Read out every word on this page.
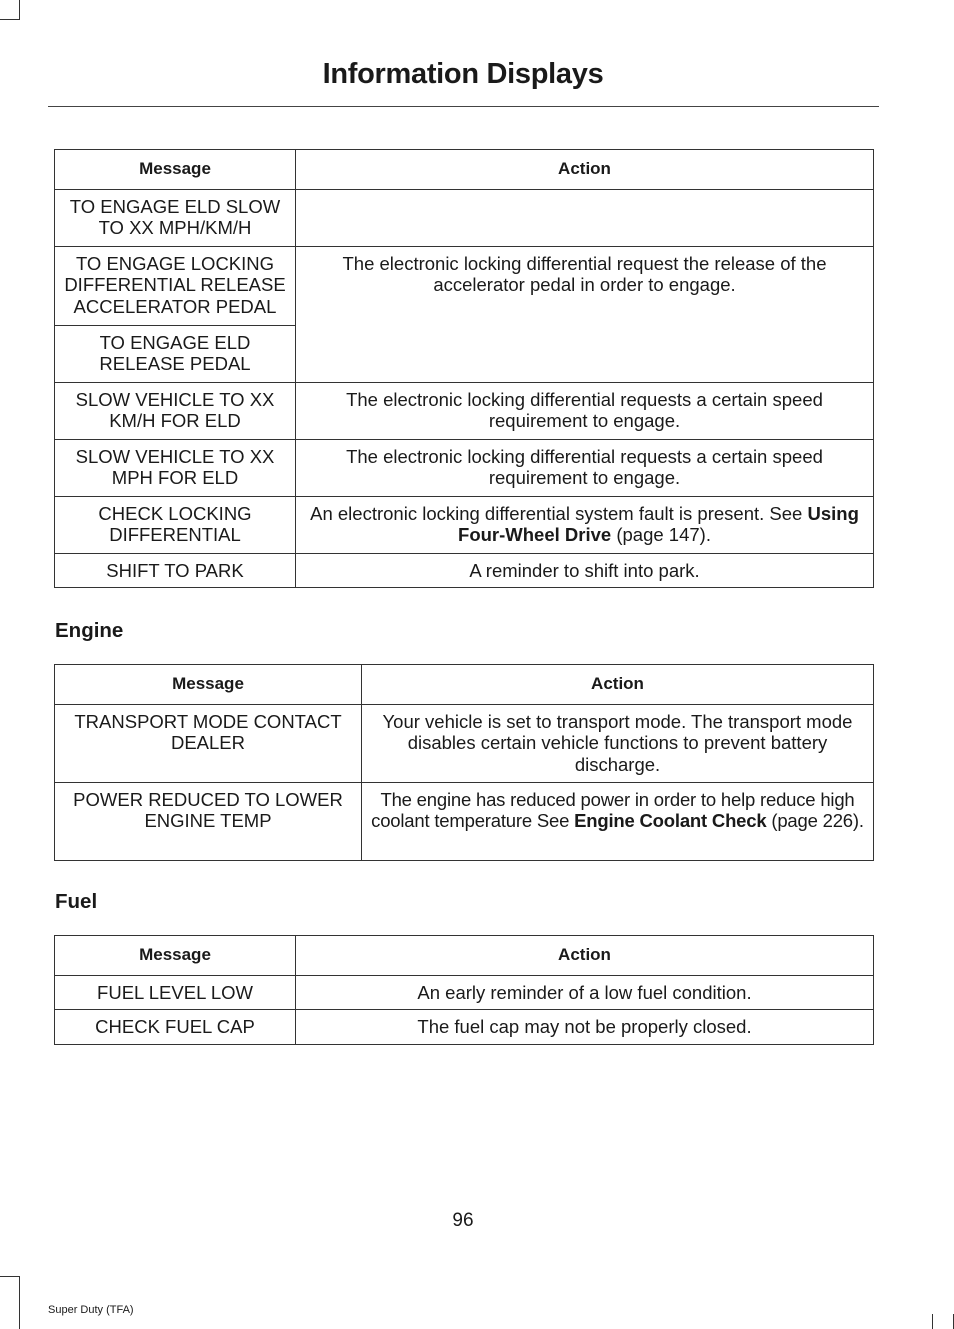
Information Displays
Message	Action
TO ENGAGE ELD SLOW TO XX MPH/KM/H	
TO ENGAGE LOCKING DIFFERENTIAL RELEASE ACCELERATOR PEDAL	The electronic locking differential request the release of the accelerator pedal in order to engage.
TO ENGAGE ELD RELEASE PEDAL	
SLOW VEHICLE TO XX KM/H FOR ELD	The electronic locking differential requests a certain speed requirement to engage.
SLOW VEHICLE TO XX MPH FOR ELD	The electronic locking differential requests a certain speed requirement to engage.
CHECK LOCKING DIFFERENTIAL	An electronic locking differential system fault is present. See Using Four-Wheel Drive (page 147).
SHIFT TO PARK	A reminder to shift into park.
Engine
Message	Action
TRANSPORT MODE CONTACT DEALER	Your vehicle is set to transport mode. The transport mode disables certain vehicle functions to prevent battery discharge.
POWER REDUCED TO LOWER ENGINE TEMP	The engine has reduced power in order to help reduce high coolant temperature See Engine Coolant Check (page 226).
Fuel
Message	Action
FUEL LEVEL LOW	An early reminder of a low fuel condition.
CHECK FUEL CAP	The fuel cap may not be properly closed.
96
Super Duty (TFA)
